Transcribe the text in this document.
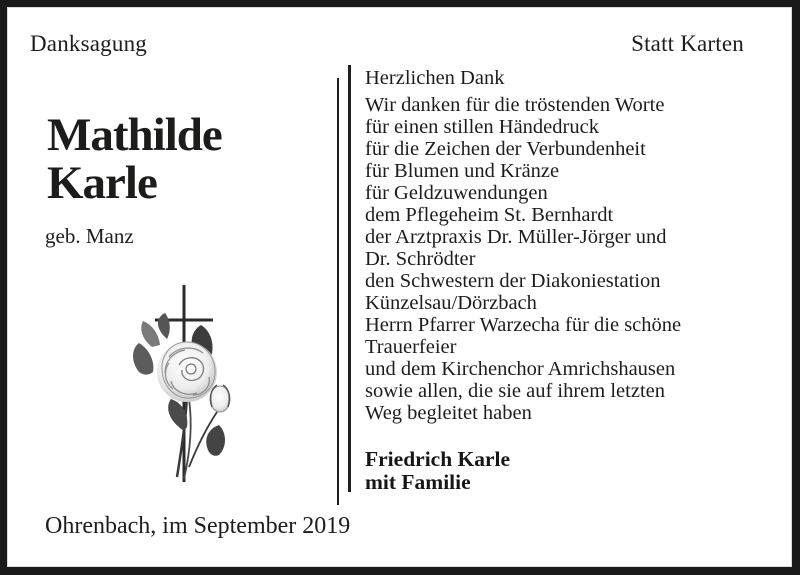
Danksagung	Statt Karten
Mathilde
Karle
geb. Manz
Herzlichen Dank
Wir danken für die tröstenden Worte
für einen stillen Händedruck
für die Zeichen der Verbundenheit
für Blumen und Kränze
für Geldzuwendungen
dem Pflegeheim St. Bernhardt
der Arztpraxis Dr. Müller-Jörger und
Dr. Schrödter
den Schwestern der Diakoniestation
Künzelsau/Dörzbach
Herrn Pfarrer Warzecha für die schöne
Trauerfeier
und dem Kirchenchor Amrichshausen
sowie allen, die sie auf ihrem letzten
Weg begleitet haben
Friedrich Karle
mit Familie
Ohrenbach, im September 2019
